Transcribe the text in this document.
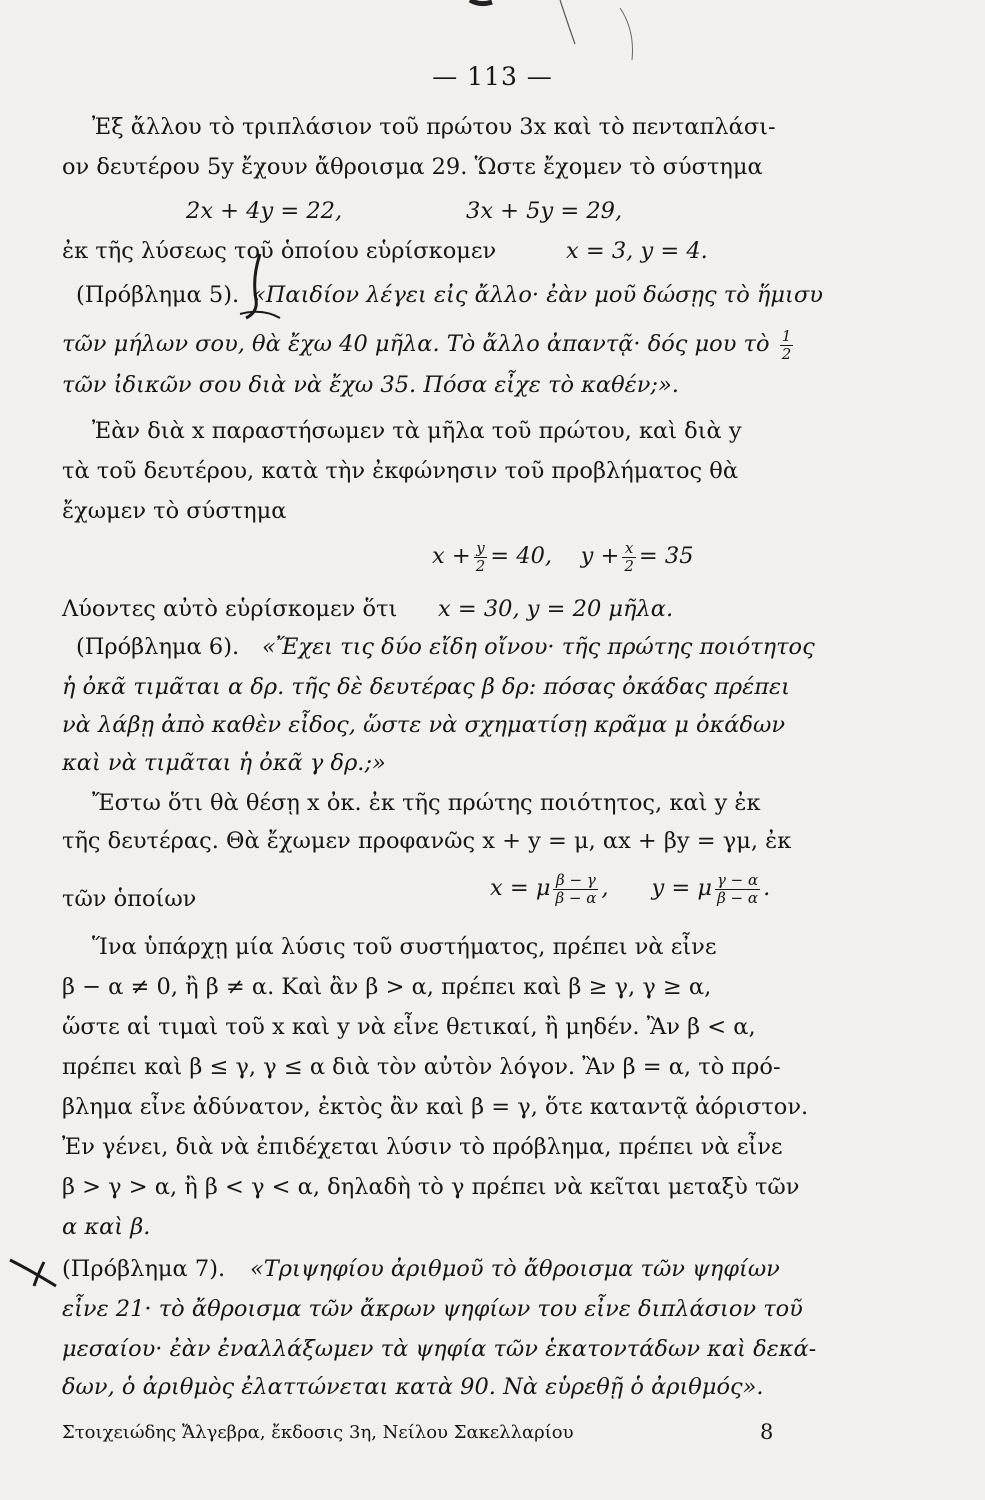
— 113 —
Ἐξ ἄλλου τὸ τριπλάσιον τοῦ πρώτου 3x καὶ τὸ πενταπλάσι-
ον δευτέρου 5y ἔχουν ἄθροισμα 29. Ὥστε ἔχομεν τὸ σύστημα
2x + 4y = 22,	3x + 5y = 29,
ἐκ τῆς λύσεως τοῦ ὁποίου εὑρίσκομεν	x = 3, y = 4.
(Πρόβλημα 5). «Παιδίον λέγει εἰς ἄλλο· ἐὰν μοῦ δώσῃς τὸ ἥμισυ
τῶν μήλων σου, θὰ ἔχω 40 μῆλα. Τὸ ἄλλο ἀπαντᾷ· δός μου τὸ $\frac{1}{2}$
τῶν ἰδικῶν σου διὰ νὰ ἔχω 35. Πόσα εἶχε τὸ καθέν;».
Ἐὰν διὰ x παραστήσωμεν τὰ μῆλα τοῦ πρώτου, καὶ διὰ y
τὰ τοῦ δευτέρου, κατὰ τὴν ἐκφώνησιν τοῦ προβλήματος θὰ
ἔχωμεν τὸ σύστημα
$x + \frac{y}{2} = 40$, $y + \frac{x}{2} = 35$
Λύοντες αὐτὸ εὑρίσκομεν ὅτι x = 30, y = 20 μῆλα.
(Πρόβλημα 6). «Ἔχει τις δύο εἴδη οἴνου· τῆς πρώτης ποιότητος
ἡ ὀκᾶ τιμᾶται α δρ. τῆς δὲ δευτέρας β δρ: πόσας ὀκάδας πρέπει
νὰ λάβῃ ἀπὸ καθὲν εἶδος, ὥστε νὰ σχηματίσῃ κρᾶμα μ ὀκάδων
καὶ νὰ τιμᾶται ἡ ὀκᾶ γ δρ.;»
Ἔστω ὅτι θὰ θέσῃ x ὀκ. ἐκ τῆς πρώτης ποιότητος, καὶ y ἐκ
τῆς δευτέρας. Θὰ ἔχωμεν προφανῶς x + y = μ, αx + βy = γμ, ἐκ
τῶν ὁποίων	x = μ $\frac{\beta - \gamma}{\beta - \alpha}$ , y = μ $\frac{\gamma - \alpha}{\beta - \alpha}$ .
Ἵνα ὑπάρχῃ μία λύσις τοῦ συστήματος, πρέπει νὰ εἶνε
β − α ≠ 0, ἢ β ≠ α. Καὶ ἂν β > α, πρέπει καὶ β ≥ γ, γ ≥ α,
ὥστε αἱ τιμαὶ τοῦ x καὶ y νὰ εἶνε θετικαί, ἢ μηδέν. Ἂν β < α,
πρέπει καὶ β ≤ γ, γ ≤ α διὰ τὸν αὐτὸν λόγον. Ἂν β = α, τὸ πρό-
βλημα εἶνε ἀδύνατον, ἐκτὸς ἂν καὶ β = γ, ὅτε καταντᾷ ἀόριστον.
Ἐν γένει, διὰ νὰ ἐπιδέχεται λύσιν τὸ πρόβλημα, πρέπει νὰ εἶνε
β > γ > α, ἢ β < γ < α, δηλαδὴ τὸ γ πρέπει νὰ κεῖται μεταξὺ τῶν
α καὶ β.
(Πρόβλημα 7). «Τριψηφίου ἀριθμοῦ τὸ ἄθροισμα τῶν ψηφίων
εἶνε 21· τὸ ἄθροισμα τῶν ἄκρων ψηφίων του εἶνε διπλάσιον τοῦ
μεσαίου· ἐὰν ἐναλλάξωμεν τὰ ψηφία τῶν ἑκατοντάδων καὶ δεκά-
δων, ὁ ἀριθμὸς ἐλαττώνεται κατὰ 90. Νὰ εὑρεθῇ ὁ ἀριθμός».
Στοιχειώδης Ἄλγεβρα, ἔκδοσις 3η, Νείλου Σακελλαρίου	8
